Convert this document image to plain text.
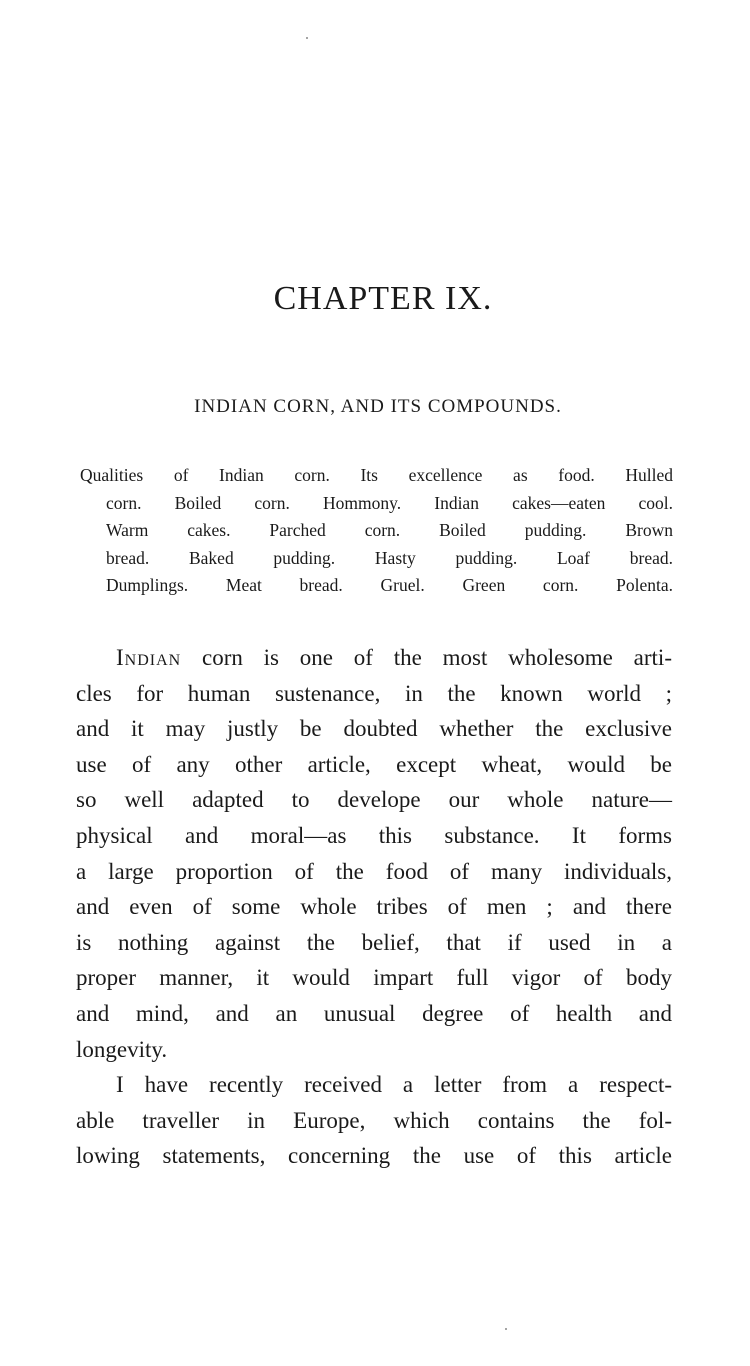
CHAPTER IX.
INDIAN CORN, AND ITS COMPOUNDS.
Qualities of Indian corn. Its excellence as food. Hulled
corn. Boiled corn. Hommony. Indian cakes—eaten cool.
Warm cakes. Parched corn. Boiled pudding. Brown
bread. Baked pudding. Hasty pudding. Loaf bread.
Dumplings. Meat bread. Gruel. Green corn. Polenta.
Indian corn is one of the most wholesome arti-
cles for human sustenance, in the known world ;
and it may justly be doubted whether the exclusive
use of any other article, except wheat, would be
so well adapted to develope our whole nature—
physical and moral—as this substance. It forms
a large proportion of the food of many individuals,
and even of some whole tribes of men ; and there
is nothing against the belief, that if used in a
proper manner, it would impart full vigor of body
and mind, and an unusual degree of health and
longevity.
I have recently received a letter from a respect-
able traveller in Europe, which contains the fol-
lowing statements, concerning the use of this article
